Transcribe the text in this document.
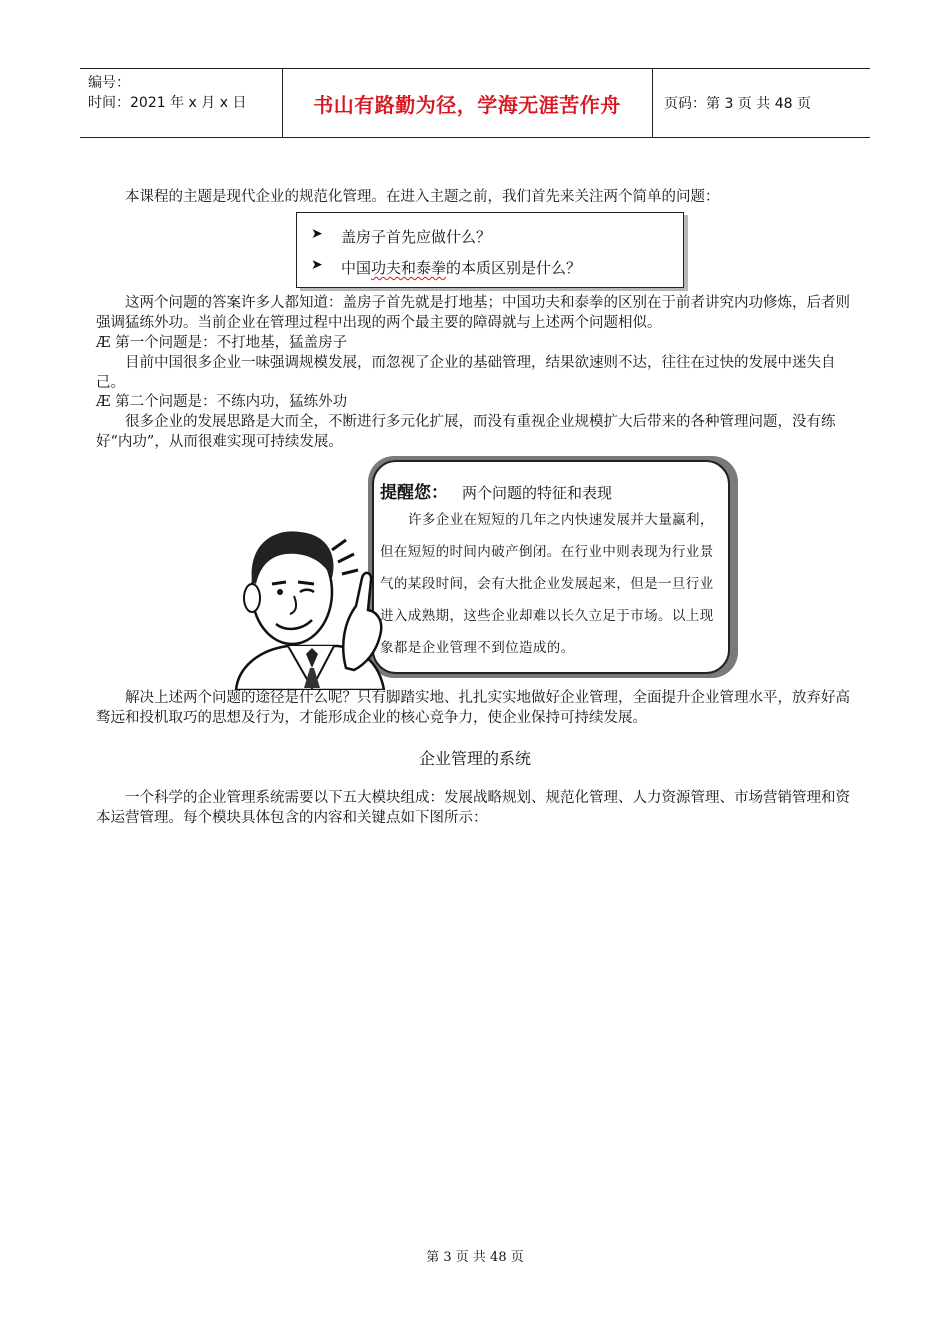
编号：
时间：2021 年 x 月 x 日	书山有路勤为径，学海无涯苦作舟	页码：第 3 页 共 48 页
本课程的主题是现代企业的规范化管理。在进入主题之前，我们首先来关注两个简单的问题：
➤ 盖房子首先应做什么？
➤ 中国功夫和泰拳的本质区别是什么？
这两个问题的答案许多人都知道：盖房子首先就是打地基；中国功夫和泰拳的区别在于前者讲究内功修炼，后者则强调猛练外功。当前企业在管理过程中出现的两个最主要的障碍就与上述两个问题相似。
Æ 第一个问题是：不打地基，猛盖房子
目前中国很多企业一味强调规模发展，而忽视了企业的基础管理，结果欲速则不达，往往在过快的发展中迷失自己。
Æ 第二个问题是：不练内功，猛练外功
很多企业的发展思路是大而全，不断进行多元化扩展，而没有重视企业规模扩大后带来的各种管理问题，没有练好“内功”，从而很难实现可持续发展。
提醒您： 两个问题的特征和表现
许多企业在短短的几年之内快速发展并大量赢利，但在短短的时间内破产倒闭。在行业中则表现为行业景气的某段时间，会有大批企业发展起来，但是一旦行业进入成熟期，这些企业却难以长久立足于市场。以上现象都是企业管理不到位造成的。
解决上述两个问题的途径是什么呢？只有脚踏实地、扎扎实实地做好企业管理，全面提升企业管理水平，放弃好高骛远和投机取巧的思想及行为，才能形成企业的核心竞争力，使企业保持可持续发展。
企业管理的系统
一个科学的企业管理系统需要以下五大模块组成：发展战略规划、规范化管理、人力资源管理、市场营销管理和资本运营管理。每个模块具体包含的内容和关键点如下图所示：
第 3 页 共 48 页
